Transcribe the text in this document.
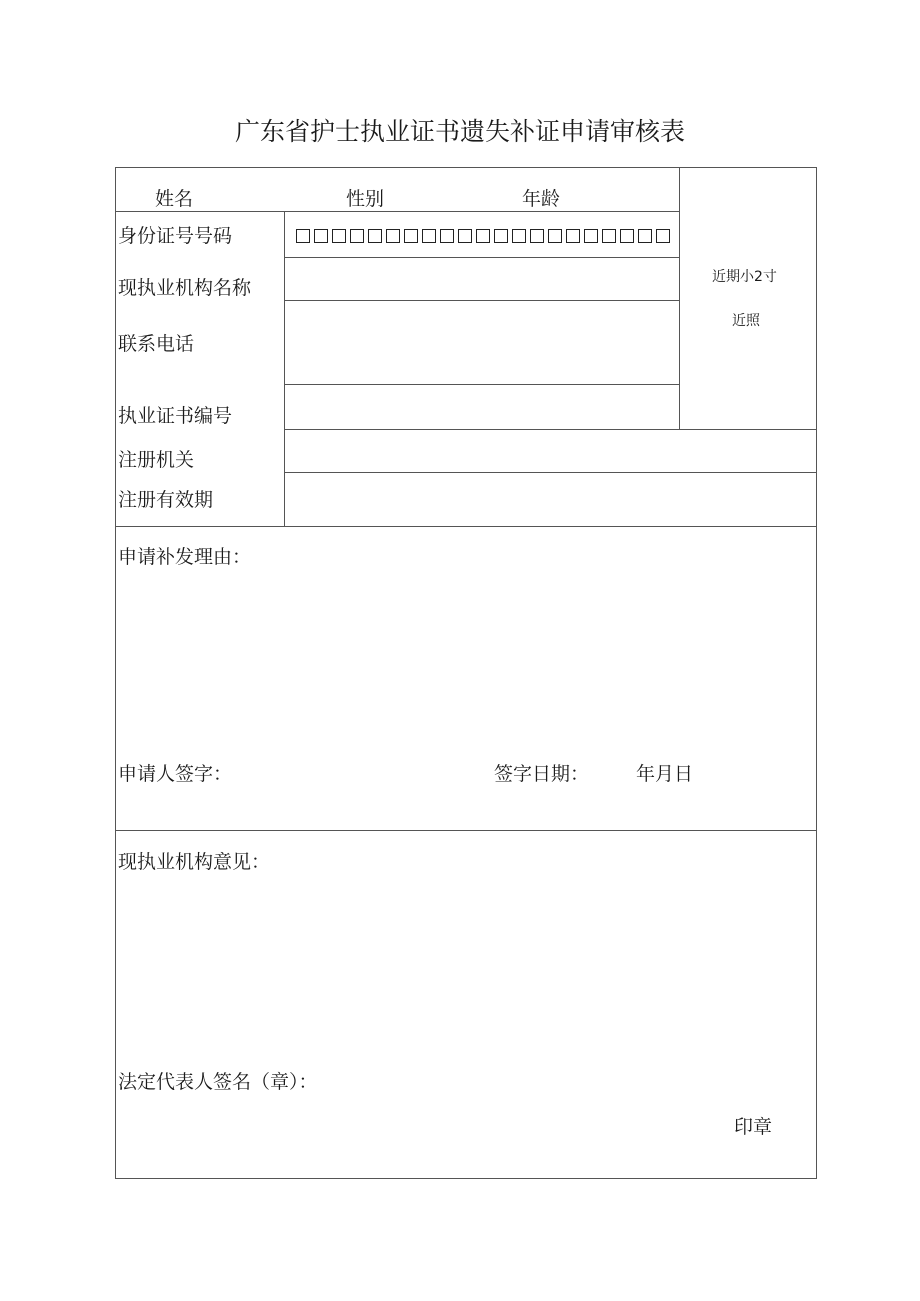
广东省护士执业证书遗失补证申请审核表
姓名	性别	年龄
身份证号号码
现执业机构名称
联系电话
执业证书编号
注册机关
注册有效期
近期小2寸
近照
申请补发理由：
申请人签字：	签字日期： 年月日
现执业机构意见：
法定代表人签名（章）：
印章
